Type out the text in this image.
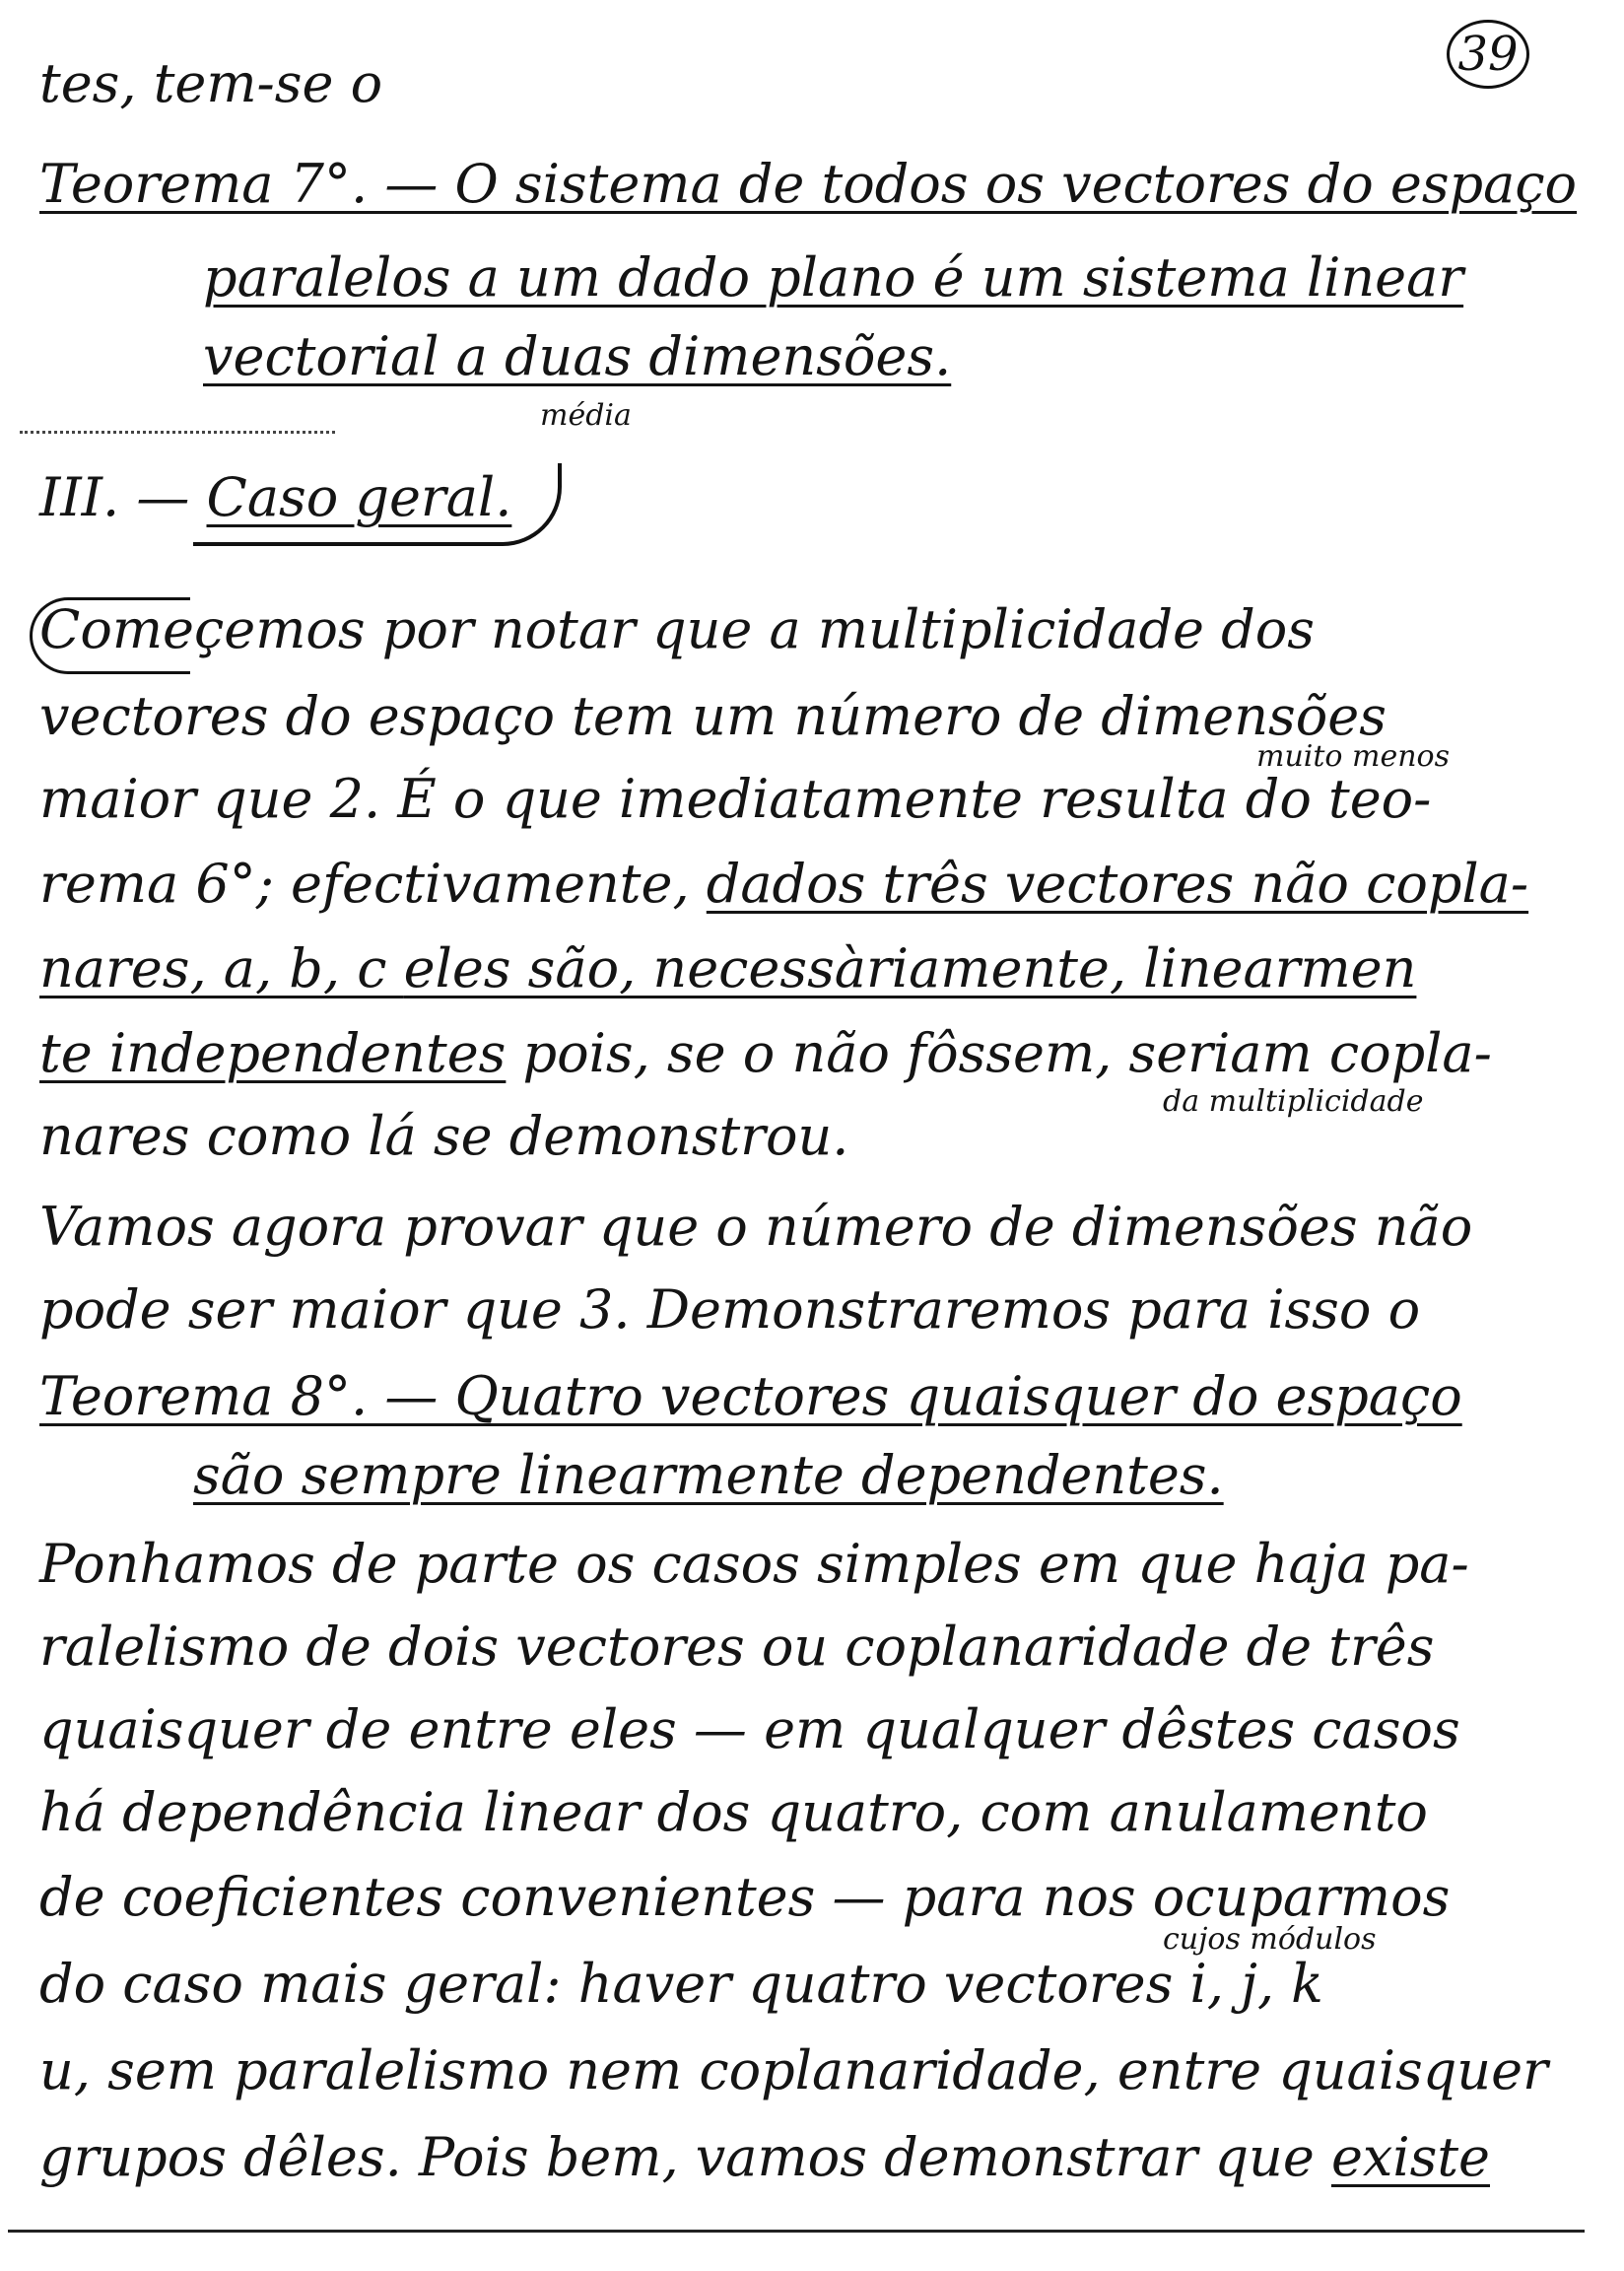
39
tes, tem-se o
Teorema 7°. — O sistema de todos os vectores do espaço
paralelos a um dado plano é um sistema linear
vectorial a duas dimensões.
média
III. — Caso geral.
Começemos por notar que a multiplicidade dos
vectores do espaço tem um número de dimensões
maior que 2. É o que imediatamente resulta do teo-
muito menos
rema 6°; efectivamente, dados três vectores não copla-
nares, a, b, c eles são, necessàriamente, linearmen
te independentes pois, se o não fôssem, seriam copla-
nares como lá se demonstrou.
da multiplicidade
Vamos agora provar que o número de dimensões não
pode ser maior que 3. Demonstraremos para isso o
Teorema 8°. — Quatro vectores quaisquer do espaço
são sempre linearmente dependentes.
Ponhamos de parte os casos simples em que haja pa-
ralelismo de dois vectores ou coplanaridade de três
quaisquer de entre eles — em qualquer dêstes casos
há dependência linear dos quatro, com anulamento
de coeficientes convenientes — para nos ocuparmos
cujos módulos
do caso mais geral: haver quatro vectores i, j, k
u, sem paralelismo nem coplanaridade, entre quaisquer
grupos dêles. Pois bem, vamos demonstrar que existe
